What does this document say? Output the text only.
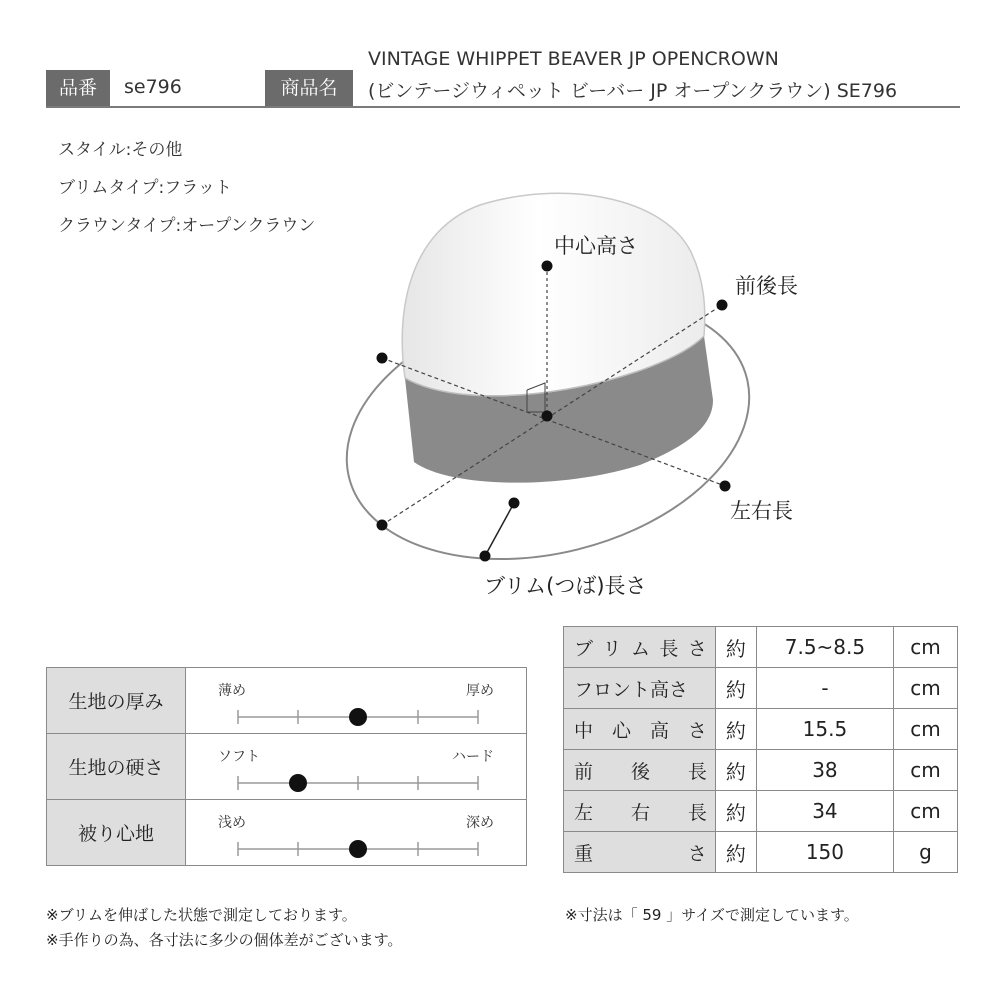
品番	se796	商品名
VINTAGE WHIPPET BEAVER JP OPENCROWN
(ビンテージウィペット ビーバー JP オープンクラウン) SE796
スタイル:その他
ブリムタイプ:フラット
クラウンタイプ:オープンクラウン
中心高さ
前後長
左右長
ブリム(つば)長さ
生地の厚み	薄め 厚め

生地の硬さ	ソフト ハード

被り心地	浅め 深め
ブ リ ム 長 さ	約	7.5~8.5	cm

フロント高さ	約	-	cm

中 心 高 さ	約	15.5	cm

前 後 長	約	38	cm

左 右 長	約	34	cm

重 さ	約	150	g
※ブリムを伸ばした状態で測定しております。
※手作りの為、各寸法に多少の個体差がございます。
※寸法は「 59 」サイズで測定しています。
